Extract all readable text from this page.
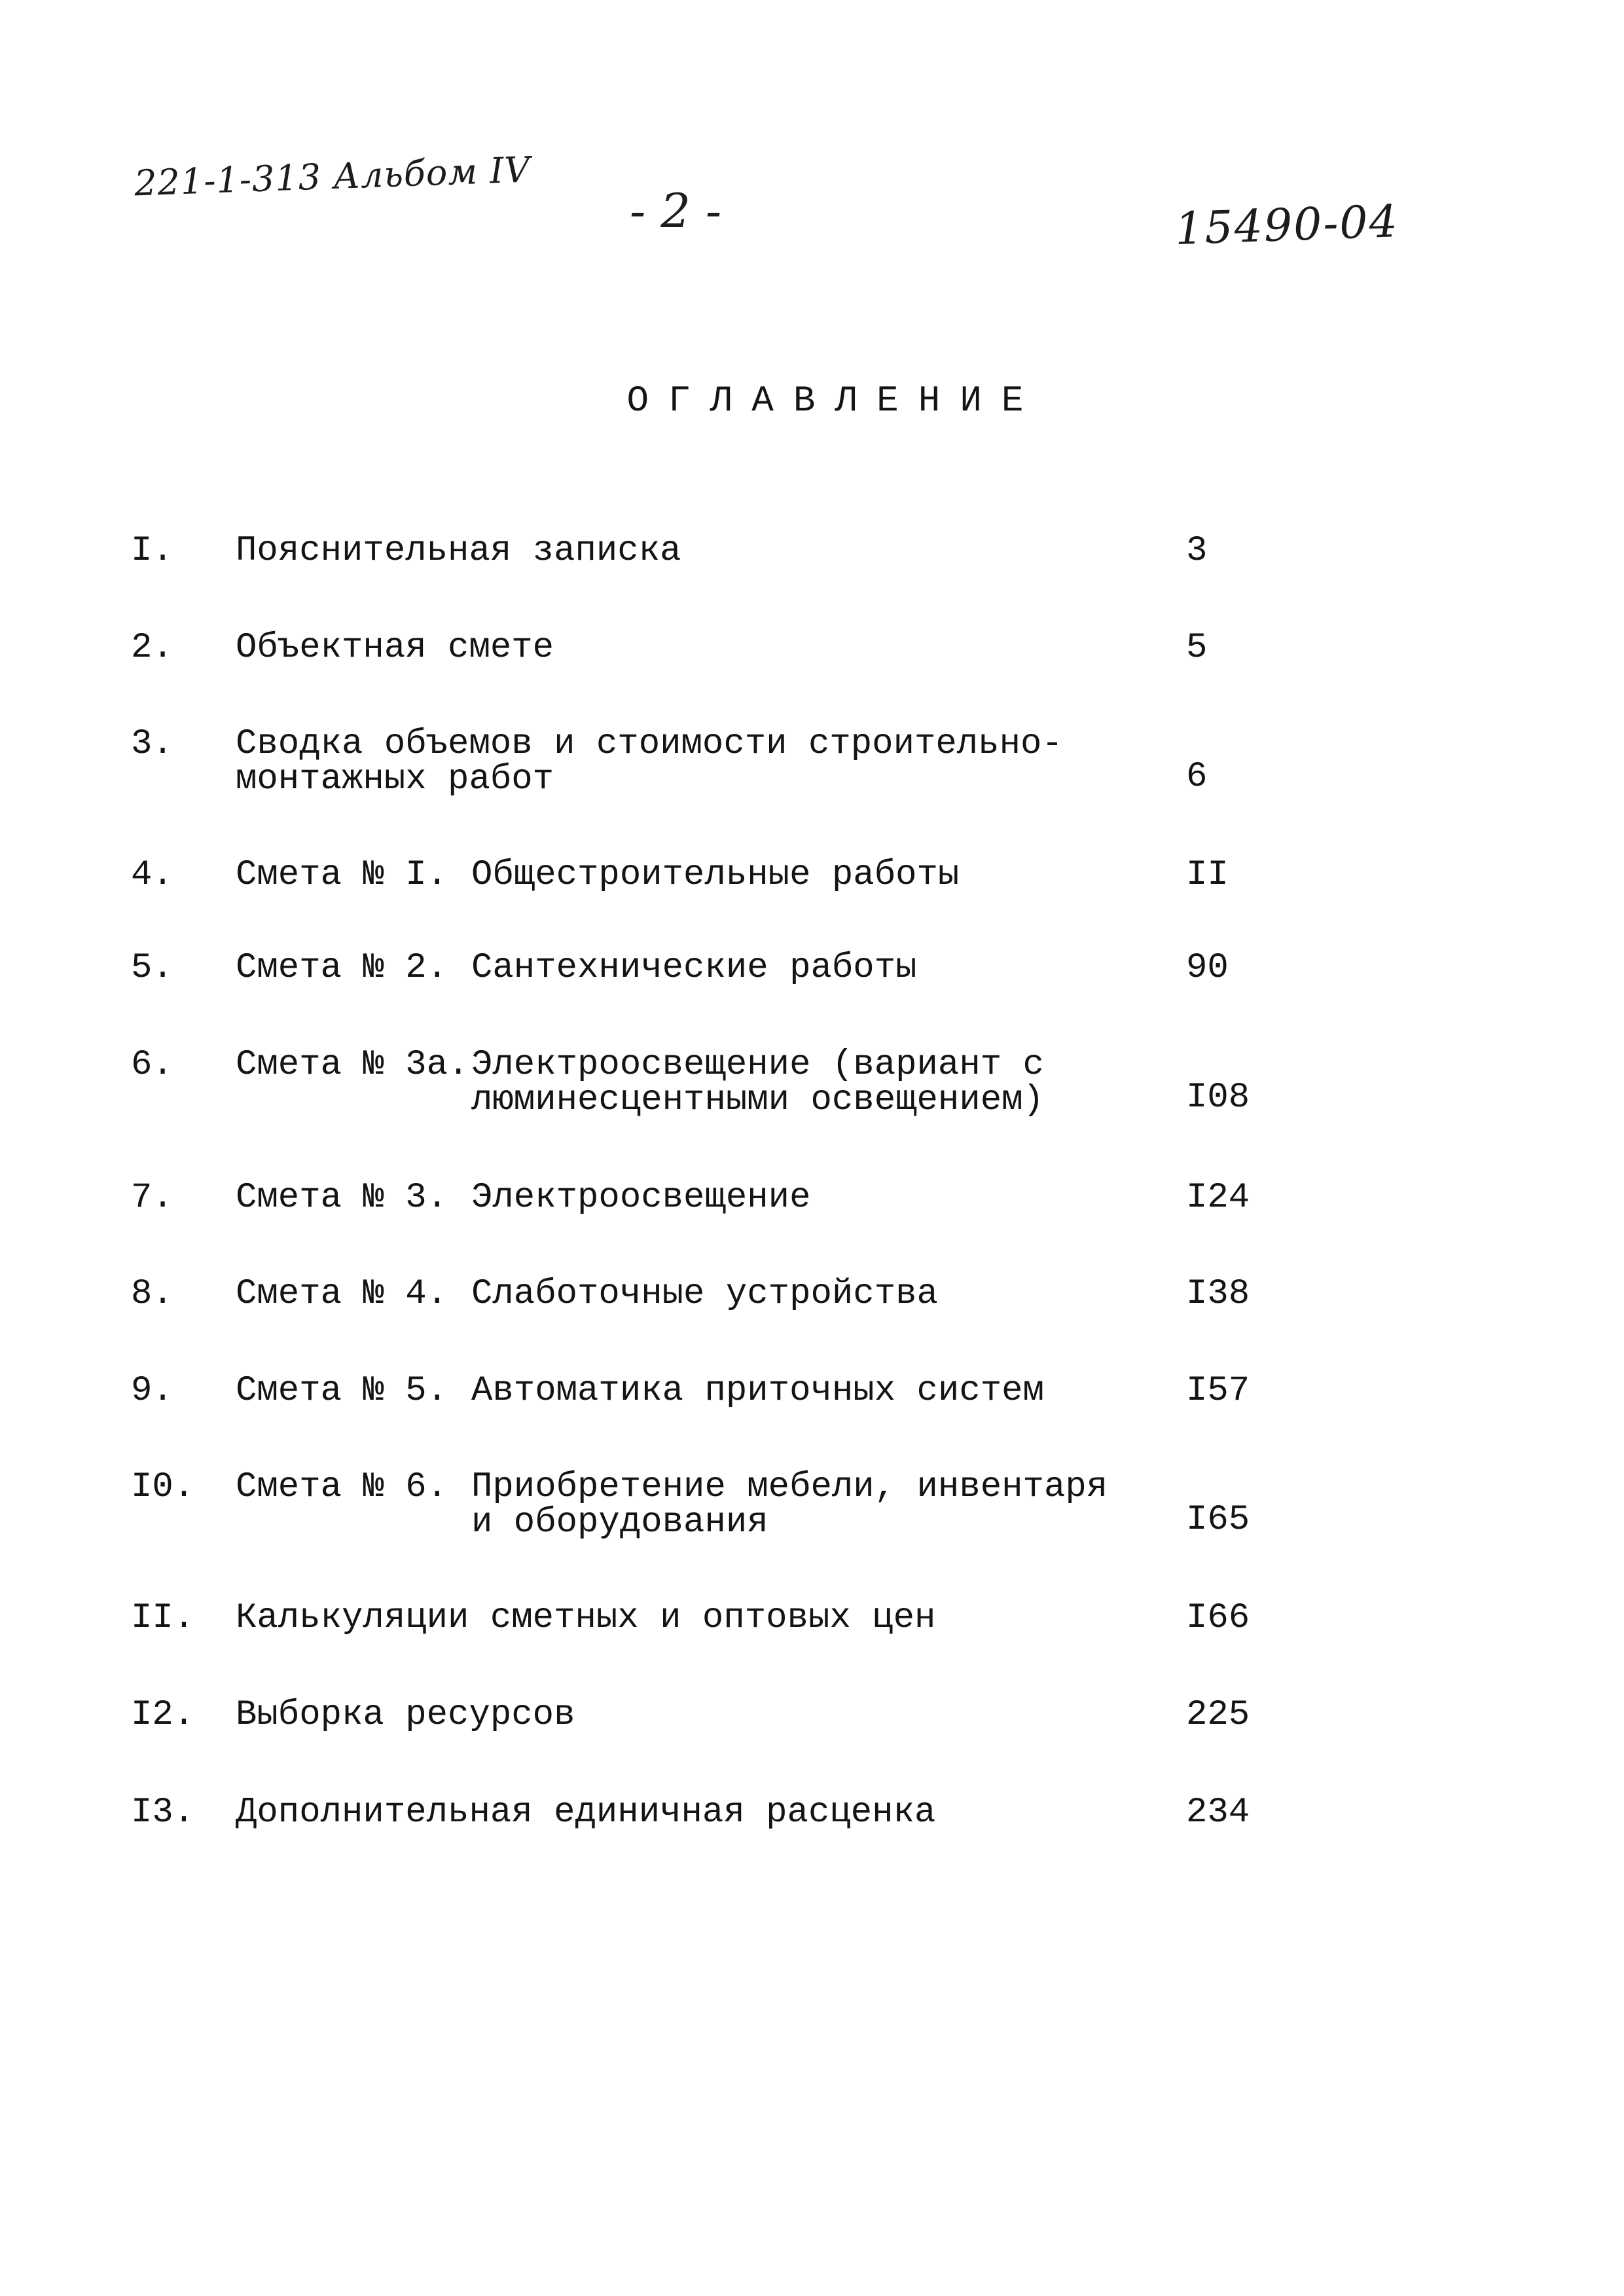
221-1-313 Альбом IV
- 2 -	15490-04
ОГЛАВЛЕНИЕ
I. Пояснительная записка	3
2. Объектная смете	5
3. Сводка объемов и стоимости строительно-
монтажных работ	6
4. Смета № I. Общестроительные работы	II
5. Смета № 2. Сантехнические работы	90
6. Смета № 3а. Электроосвещение (вариант с
люминесцентными освещением)	I08
7. Смета № 3. Электроосвещение	I24
8. Смета № 4. Слаботочные устройства	I38
9. Смета № 5. Автоматика приточных систем	I57
I0. Смета № 6. Приобретение мебели, инвентаря
и оборудования	I65
II. Калькуляции сметных и оптовых цен	I66
I2. Выборка ресурсов	225
I3. Дополнительная единичная расценка	234
